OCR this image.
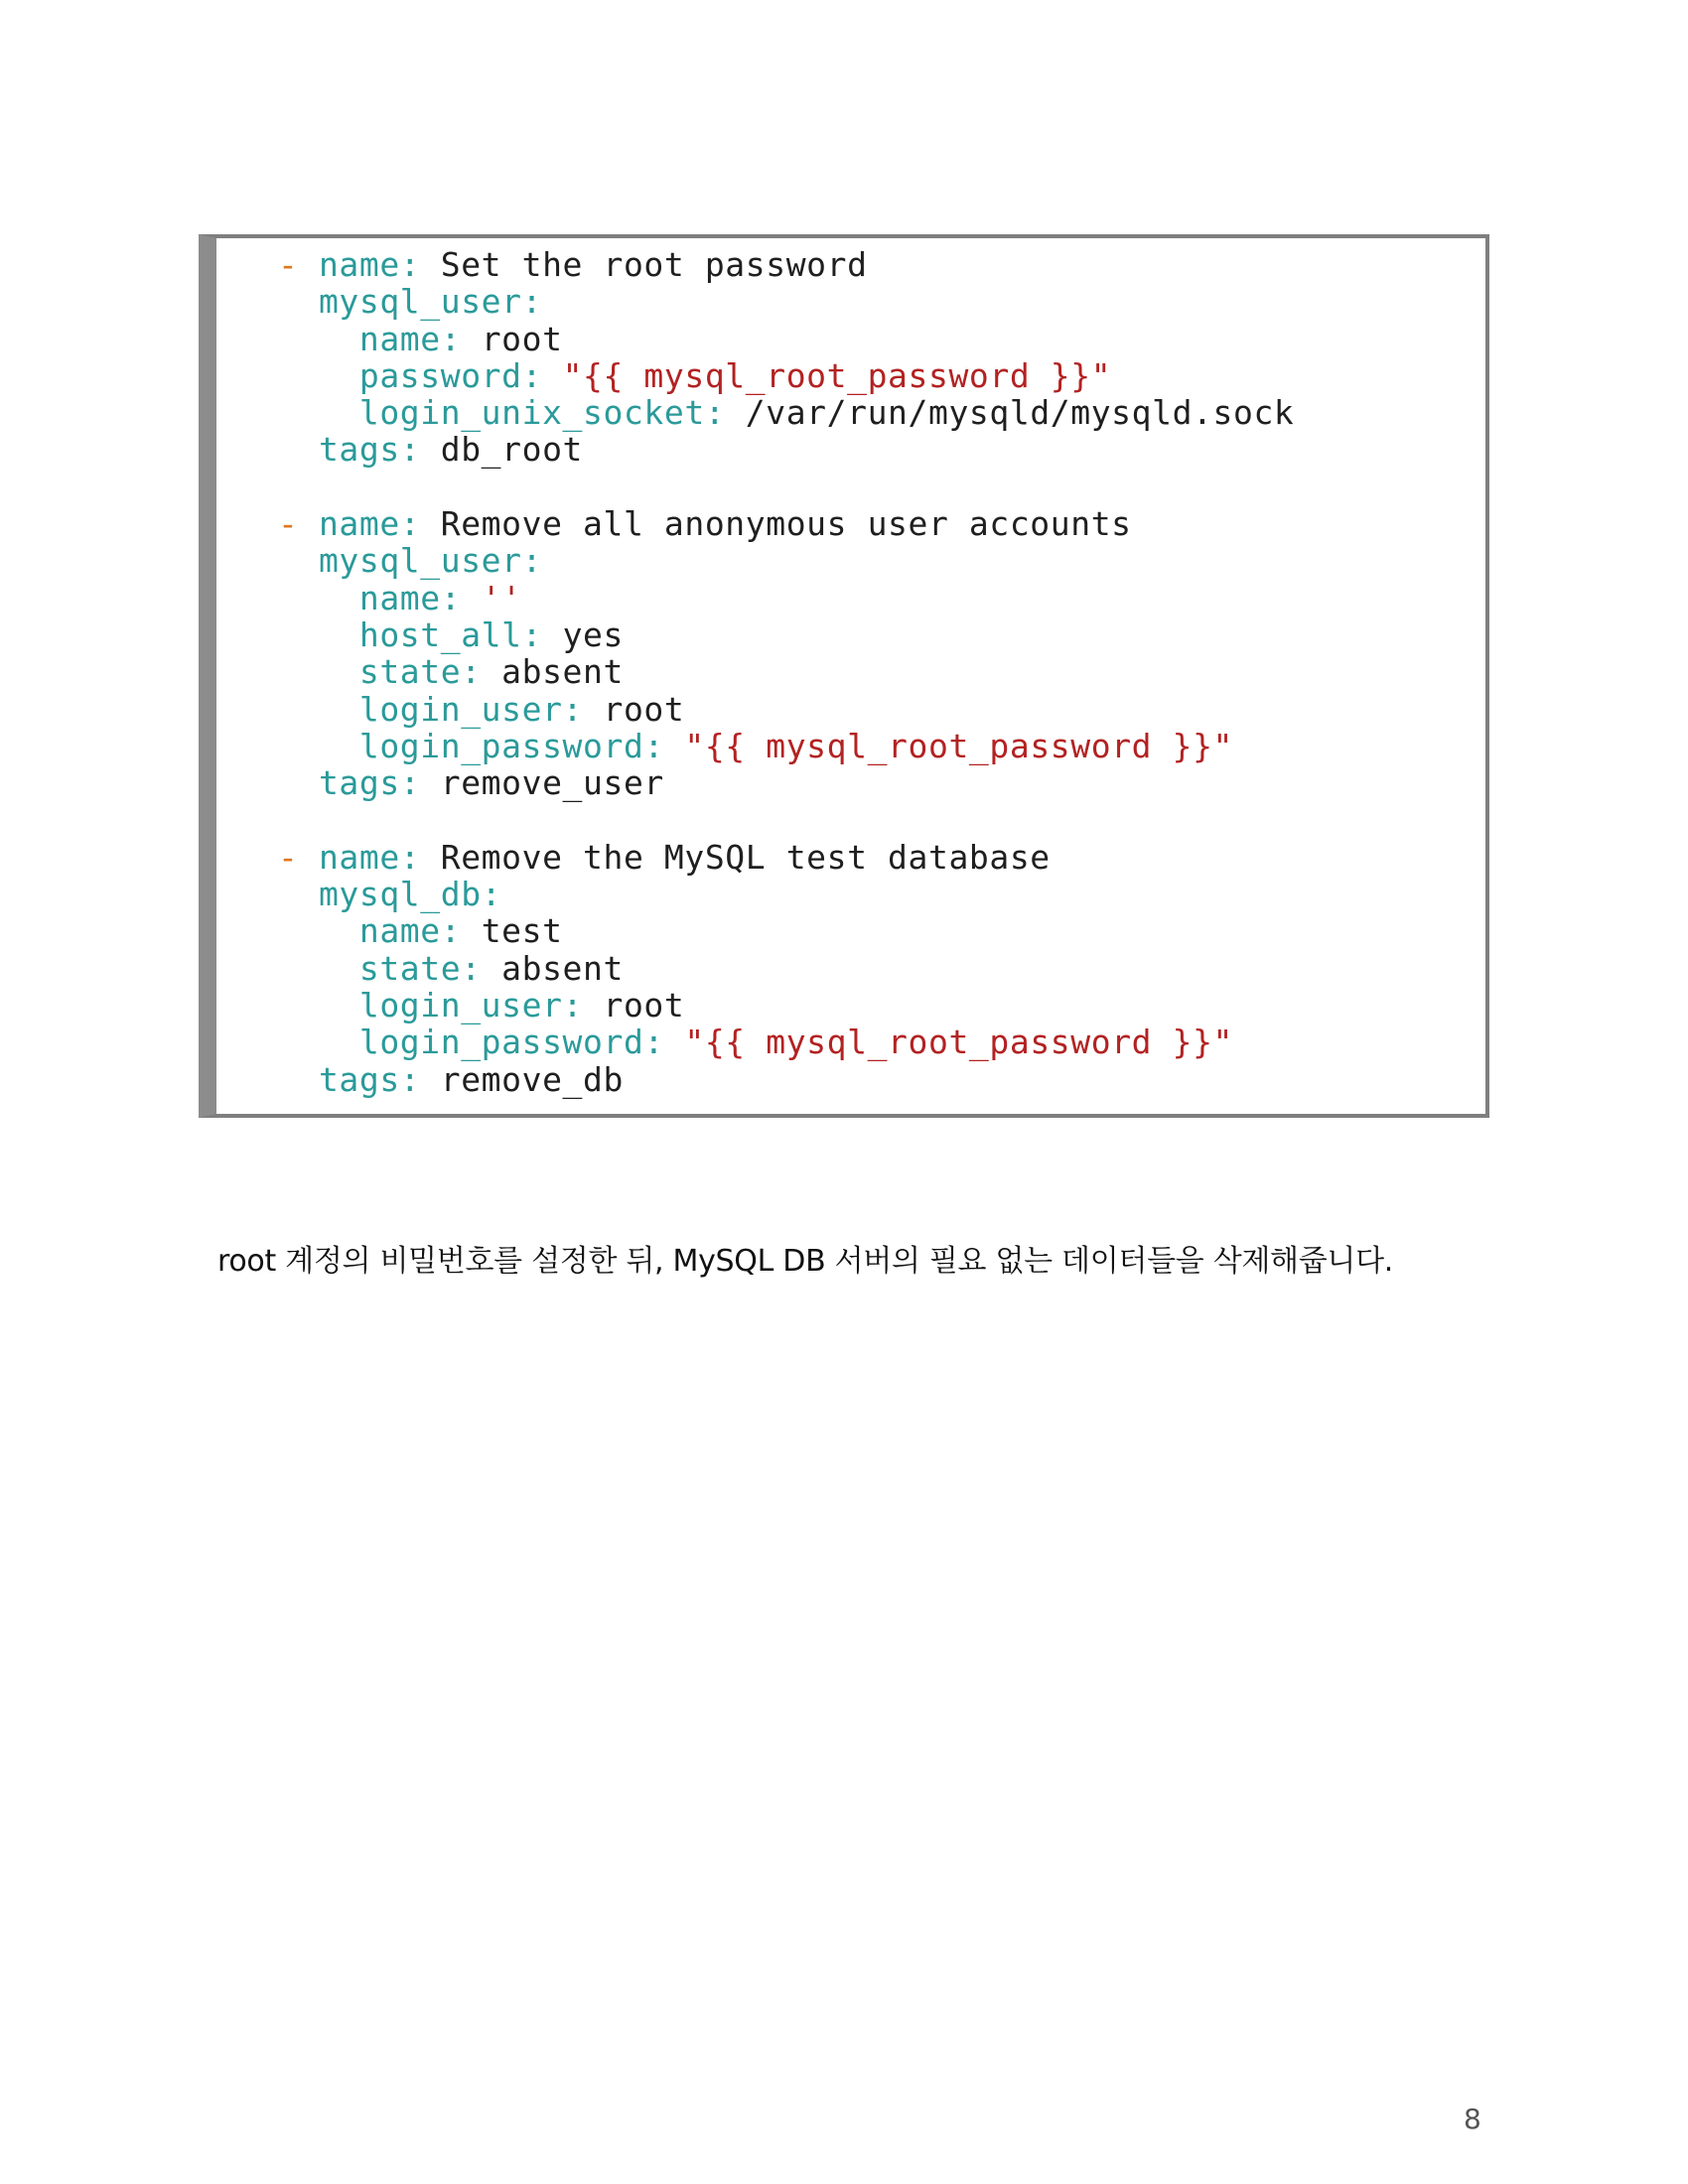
- name: Set the root password
mysql_user:
name: root
password: "{{ mysql_root_password }}"
login_unix_socket: /var/run/mysqld/mysqld.sock
tags: db_root

- name: Remove all anonymous user accounts
mysql_user:
name: ''
host_all: yes
state: absent
login_user: root
login_password: "{{ mysql_root_password }}"
tags: remove_user

- name: Remove the MySQL test database
mysql_db:
name: test
state: absent
login_user: root
login_password: "{{ mysql_root_password }}"
tags: remove_db
root 계정의 비밀번호를 설정한 뒤, MySQL DB 서버의 필요 없는 데이터들을 삭제해줍니다.
8
